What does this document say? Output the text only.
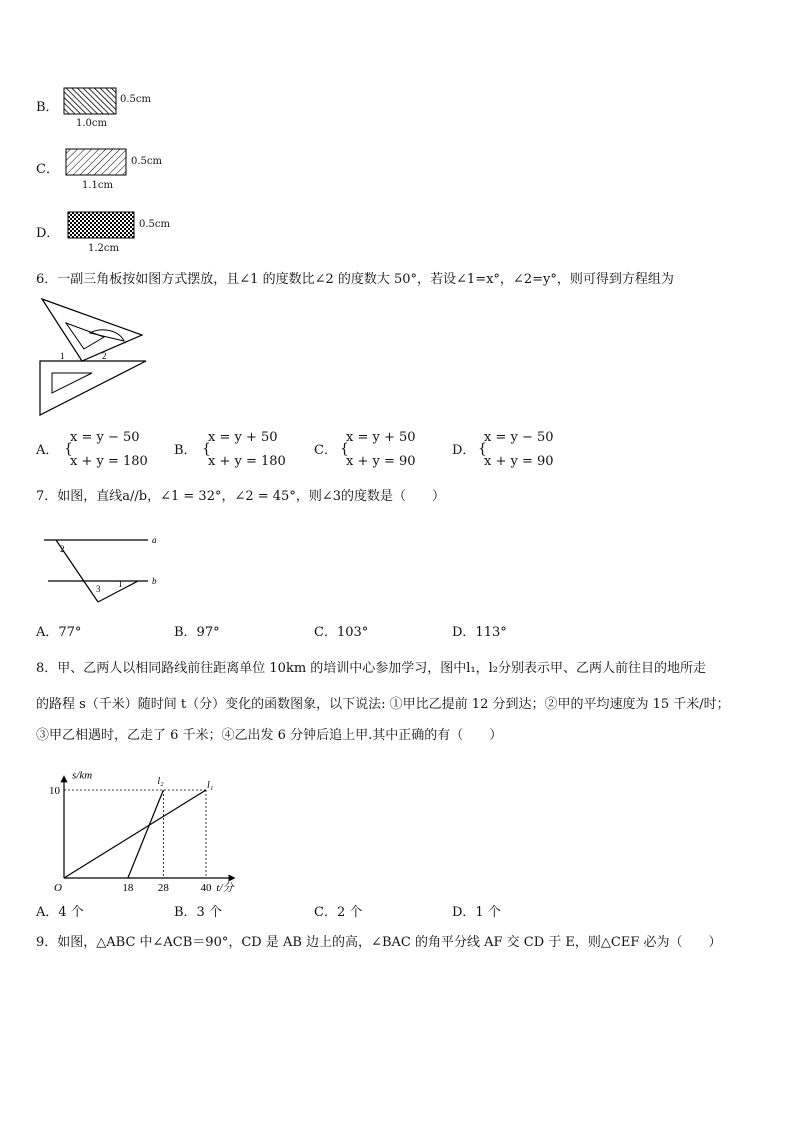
B．
0.5cm
1.0cm
C．
0.5cm
1.1cm
D．
0.5cm
1.2cm
6．一副三角板按如图方式摆放，且∠1 的度数比∠2 的度数大 50°，若设∠1=x°，∠2=y°，则可得到方程组为
1	2
A． {
x = y − 50
x + y = 180
B． {
x = y + 50
x + y = 180
C． {
x = y + 50
x + y = 90
D． {
x = y − 50
x + y = 90
7．如图，直线a//b，∠1 = 32°，∠2 = 45°，则∠3的度数是（　　）
a
b
2
1
3
A．77°	B．97°	C．103°	D．113°
8．甲、乙两人以相同路线前往距离单位 10km 的培训中心参加学习，图中l₁，l₂分别表示甲、乙两人前往目的地所走
的路程 s（千米）随时间 t（分）变化的函数图象，以下说法: ①甲比乙提前 12 分到达；②甲的平均速度为 15 千米/时；
③甲乙相遇时，乙走了 6 千米；④乙出发 6 分钟后追上甲.其中正确的有（　　）
l₁
l₂
18 28	40
10
O	t/分
s/km
A．4 个	B．3 个	C．2 个	D．1 个
9．如图，△ABC 中∠ACB＝90°，CD 是 AB 边上的高，∠BAC 的角平分线 AF 交 CD 于 E，则△CEF 必为（　　）
